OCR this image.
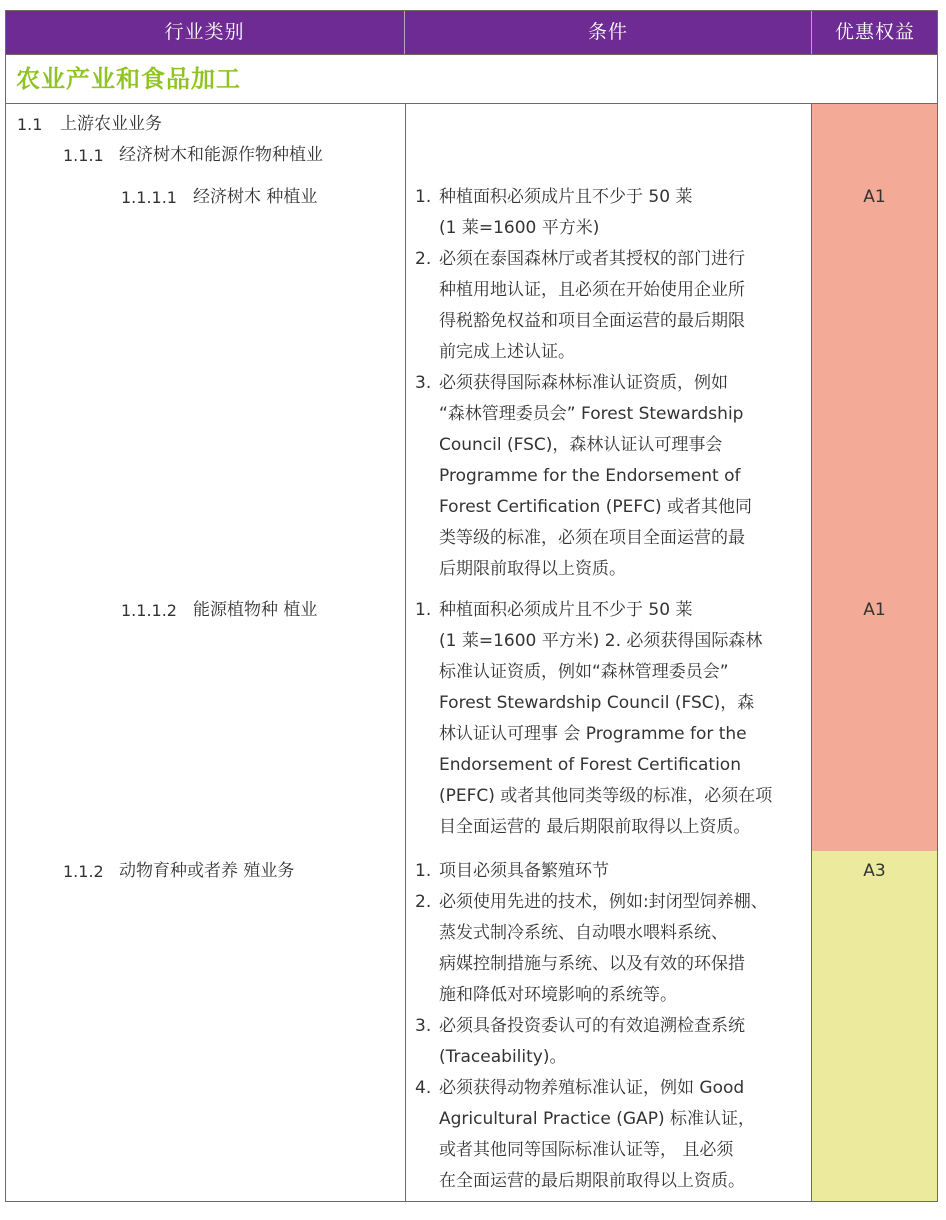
行业类别	条件	优惠权益
农业产业和食品加工
1.1 上游农业业务
1.1.1 经济树木和能源作物种植业
1.1.1.1 经济树木 种植业
1.1.1.2 能源植物种 植业
1.1.2 动物育种或者养 殖业务
1. 种植面积必须成片且不少于 50 莱
(1 莱=1600 平方米)
2. 必须在泰国森林厅或者其授权的部门进行
种植用地认证，且必须在开始使用企业所
得税豁免权益和项目全面运营的最后期限
前完成上述认证。
3. 必须获得国际森林标准认证资质，例如
“森林管理委员会” Forest Stewardship
Council (FSC)，森林认证认可理事会
Programme for the Endorsement of
Forest Certification (PEFC) 或者其他同
类等级的标准，必须在项目全面运营的最
后期限前取得以上资质。
A1
1. 种植面积必须成片且不少于 50 莱
(1 莱=1600 平方米) 2. 必须获得国际森林
标准认证资质，例如“森林管理委员会”
Forest Stewardship Council (FSC)，森
林认证认可理事 会 Programme for the
Endorsement of Forest Certification
(PEFC) 或者其他同类等级的标准，必须在项
目全面运营的 最后期限前取得以上资质。
A1
1. 项目必须具备繁殖环节
2. 必须使用先进的技术，例如:封闭型饲养棚、
蒸发式制冷系统、自动喂水喂料系统、
病媒控制措施与系统、以及有效的环保措
施和降低对环境影响的系统等。
3. 必须具备投资委认可的有效追溯检查系统
(Traceability)。
4. 必须获得动物养殖标准认证，例如 Good
Agricultural Practice (GAP) 标准认证，
或者其他同等国际标准认证等， 且必须
在全面运营的最后期限前取得以上资质。
A3
